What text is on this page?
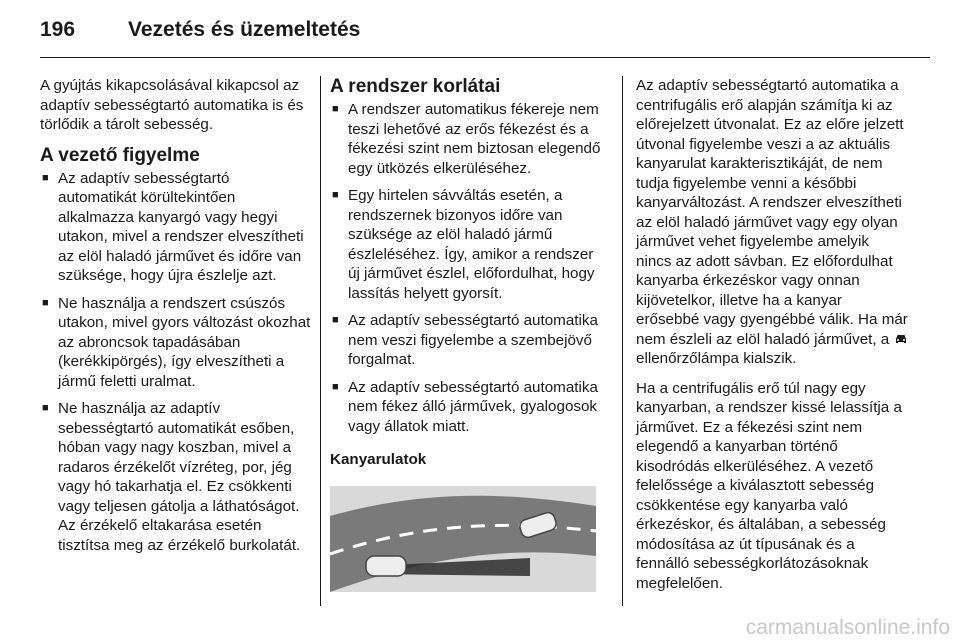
196	Vezetés és üzemeltetés

A gyújtás kikapcsolásával kikapcsol az adaptív sebességtartó automatika is és törlődik a tárolt sebesség.

A vezető figyelme
■ Az adaptív sebességtartó automatikát körültekintően alkalmazza kanyargó vagy hegyi utakon, mivel a rendszer elveszítheti az elöl haladó járművet és időre van szüksége, hogy újra észlelje azt.
■ Ne használja a rendszert csúszós utakon, mivel gyors változást okozhat az abroncsok tapadásában (kerékkipörgés), így elveszítheti a jármű feletti uralmat.
■ Ne használja az adaptív sebességtartó automatikát esőben, hóban vagy nagy koszban, mivel a radaros érzékelőt vízréteg, por, jég vagy hó takarhatja el. Ez csökkenti vagy teljesen gátolja a láthatóságot. Az érzékelő eltakarása esetén tisztítsa meg az érzékelő burkolatát.
A rendszer korlátai
■ A rendszer automatikus fékereje nem teszi lehetővé az erős fékezést és a fékezési szint nem biztosan elegendő egy ütközés elkerüléséhez.
■ Egy hirtelen sávváltás esetén, a rendszernek bizonyos időre van szüksége az elöl haladó jármű észleléséhez. Így, amikor a rendszer új járművet észlel, előfordulhat, hogy lassítás helyett gyorsít.
■ Az adaptív sebességtartó automatika nem veszi figyelembe a szembejövő forgalmat.
■ Az adaptív sebességtartó automatika nem fékez álló járművek, gyalogosok vagy állatok miatt.
Kanyarulatok

Az adaptív sebességtartó automatika a centrifugális erő alapján számítja ki az előrejelzett útvonalat. Ez az előre jelzett útvonal figyelembe veszi a az aktuális kanyarulat karakterisztikáját, de nem tudja figyelembe venni a későbbi kanyarváltozást. A rendszer elveszítheti az elöl haladó járművet vagy egy olyan járművet vehet figyelembe amelyik nincs az adott sávban. Ez előfordulhat kanyarba érkezéskor vagy onnan kijövetelkor, illetve ha a kanyar erősebbé vagy gyengébbé válik. Ha már nem észleli az elöl haladó járművet, a  ellenőrzőlámpa kialszik.

Ha a centrifugális erő túl nagy egy kanyarban, a rendszer kissé lelassítja a járművet. Ez a fékezési szint nem elegendő a kanyarban történő kisodródás elkerüléséhez. A vezető felelőssége a kiválasztott sebesség csökkentése egy kanyarba való érkezéskor, és általában, a sebesség módosítása az út típusának és a fennálló sebességkorlátozásoknak megfelelően.

carmanualsonline.info
